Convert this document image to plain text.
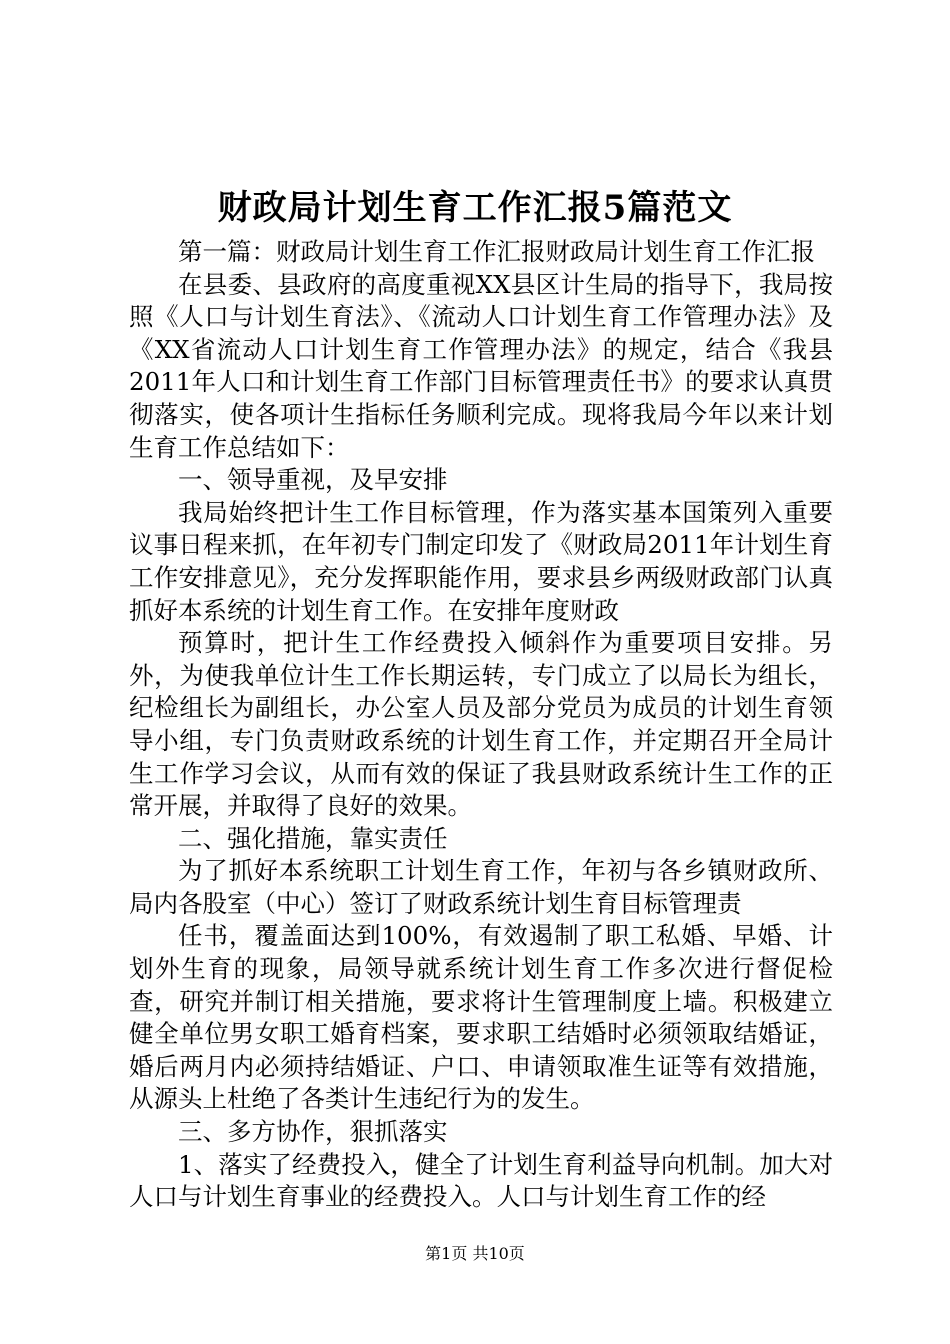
财政局计划生育工作汇报5篇范文

第一篇：财政局计划生育工作汇报财政局计划生育工作汇报

在县委、县政府的高度重视XX县区计生局的指导下，我局按照《人口与计划生育法》、《流动人口计划生育工作管理办法》及《XX省流动人口计划生育工作管理办法》的规定，结合《我县2011年人口和计划生育工作部门目标管理责任书》的要求认真贯彻落实，使各项计生指标任务顺利完成。现将我局今年以来计划生育工作总结如下：

一、领导重视，及早安排

我局始终把计生工作目标管理，作为落实基本国策列入重要议事日程来抓，在年初专门制定印发了《财政局2011年计划生育工作安排意见》，充分发挥职能作用，要求县乡两级财政部门认真抓好本系统的计划生育工作。在安排年度财政

预算时，把计生工作经费投入倾斜作为重要项目安排。另外，为使我单位计生工作长期运转，专门成立了以局长为组长，纪检组长为副组长，办公室人员及部分党员为成员的计划生育领导小组，专门负责财政系统的计划生育工作，并定期召开全局计生工作学习会议，从而有效的保证了我县财政系统计生工作的正常开展，并取得了良好的效果。

二、强化措施，靠实责任

为了抓好本系统职工计划生育工作，年初与各乡镇财政所、局内各股室（中心）签订了财政系统计划生育目标管理责

任书，覆盖面达到100%，有效遏制了职工私婚、早婚、计划外生育的现象，局领导就系统计划生育工作多次进行督促检查，研究并制订相关措施，要求将计生管理制度上墙。积极建立健全单位男女职工婚育档案，要求职工结婚时必须领取结婚证，婚后两月内必须持结婚证、户口、申请领取准生证等有效措施，从源头上杜绝了各类计生违纪行为的发生。

三、多方协作，狠抓落实

1、落实了经费投入，健全了计划生育利益导向机制。加大对人口与计划生育事业的经费投入。人口与计划生育工作的经

第1页 共10页
